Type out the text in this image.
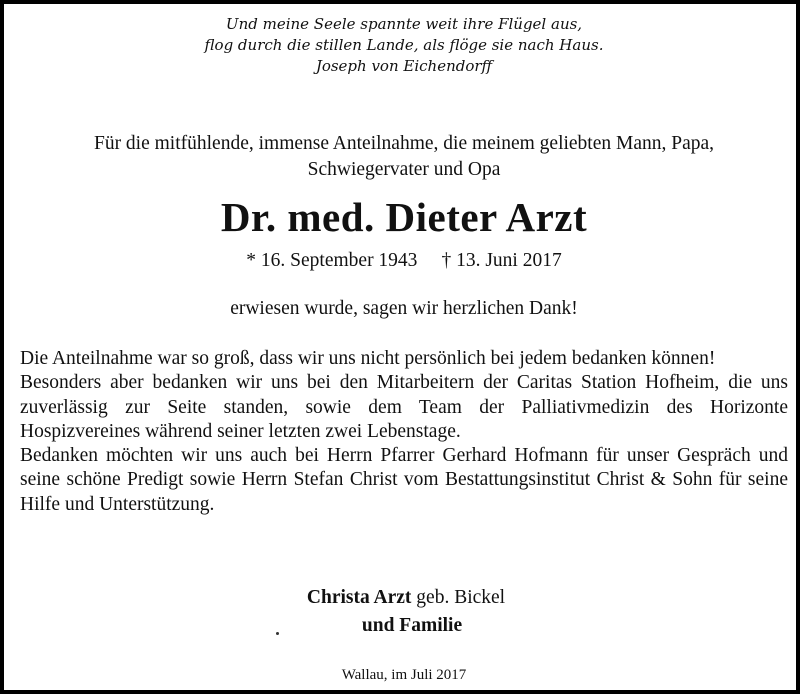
Und meine Seele spannte weit ihre Flügel aus,
flog durch die stillen Lande, als flöge sie nach Haus.
Joseph von Eichendorff
Für die mitfühlende, immense Anteilnahme, die meinem geliebten Mann, Papa,
Schwiegervater und Opa
Dr. med. Dieter Arzt
* 16. September 1943 † 13. Juni 2017
erwiesen wurde, sagen wir herzlichen Dank!

Die Anteilnahme war so groß, dass wir uns nicht persönlich bei jedem bedanken können!

Besonders aber bedanken wir uns bei den Mitarbeitern der Caritas Station Hofheim, die uns zuverlässig zur Seite standen, sowie dem Team der Palliativmedizin des Horizonte Hospizvereines während seiner letzten zwei Lebenstage.

Bedanken möchten wir uns auch bei Herrn Pfarrer Gerhard Hofmann für unser Gespräch und seine schöne Predigt sowie Herrn Stefan Christ vom Bestattungsinstitut Christ & Sohn für seine Hilfe und Unterstützung.

Christa Arzt geb. Bickel
und Familie
Wallau, im Juli 2017
